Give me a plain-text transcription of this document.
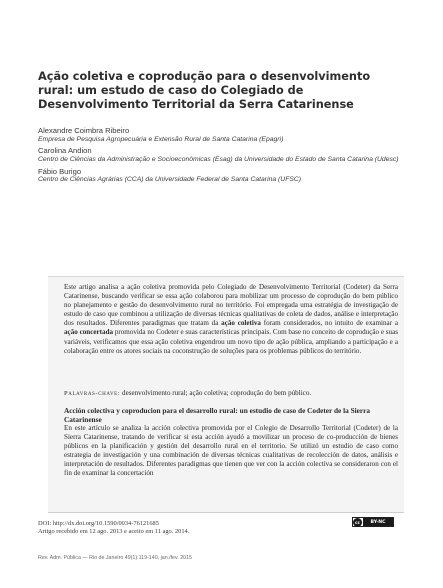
Ação coletiva e coprodução para o desenvolvimento rural: um estudo de caso do Colegiado de Desenvolvimento Territorial da Serra Catarinense

Alexandre Coimbra Ribeiro

Empresa de Pesquisa Agropecuária e Extensão Rural de Santa Catarina (Epagri)

Carolina Andion

Centro de Ciências da Administração e Socioeconômicas (Esag) da Universidade do Estado de Santa Catarina (Udesc)

Fábio Burigo

Centro de Ciências Agrárias (CCA) da Universidade Federal de Santa Catarina (UFSC)

Este artigo analisa a ação coletiva promovida pelo Colegiado de Desenvolvimento Territorial (Codeter) da Serra Catarinense, buscando verificar se essa ação colaborou para mobilizar um processo de coprodução do bem público no planejamento e gestão do desenvolvimento rural no território. Foi empregada uma estratégia de investigação de estudo de caso que combinou a utilização de diversas técnicas qualitativas de coleta de dados, análise e interpretação dos resultados. Diferentes paradigmas que tratam da ação coletiva foram considerados, no intuito de examinar a ação concertada promovida no Codeter e suas características principais. Com base no conceito de coprodução e suas variáveis, verificamos que essa ação coletiva engendrou um novo tipo de ação pública, ampliando a participação e a colaboração entre os atores sociais na coconstrução de soluções para os problemas públicos do território.

Palavras-chave: desenvolvimento rural; ação coletiva; coprodução do bem público.

Acción colectiva y coproducion para el desarrollo rural: un estudio de caso de Codeter de la Sierra Catarinense

En este artículo se analiza la acción colectiva promovida por el Colegio de Desarrollo Territorial (Codeter) de la Sierra Catarinense, tratando de verificar si esta acción ayudó a movilizar un proceso de co-producción de bienes públicos en la planificación y gestión del desarrollo rural en el territorio. Se utilizó un estudio de caso como estrategia de investigación y una combinación de diversas técnicas cualitativas de recolección de datos, análisis e interpretación de resultados. Diferentes paradigmas que tienen que ver con la acción colectiva se consideraron con el fin de examinar la concertación

DOI: http://dx.doi.org/10.1590/0034-76121685

Artigo recebido em 12 ago. 2013 e aceito em 11 ago. 2014.

cc	BY-NC

Rev. Adm. Pública — Rio de Janeiro 49(1):119-140, jan./fev. 2015
